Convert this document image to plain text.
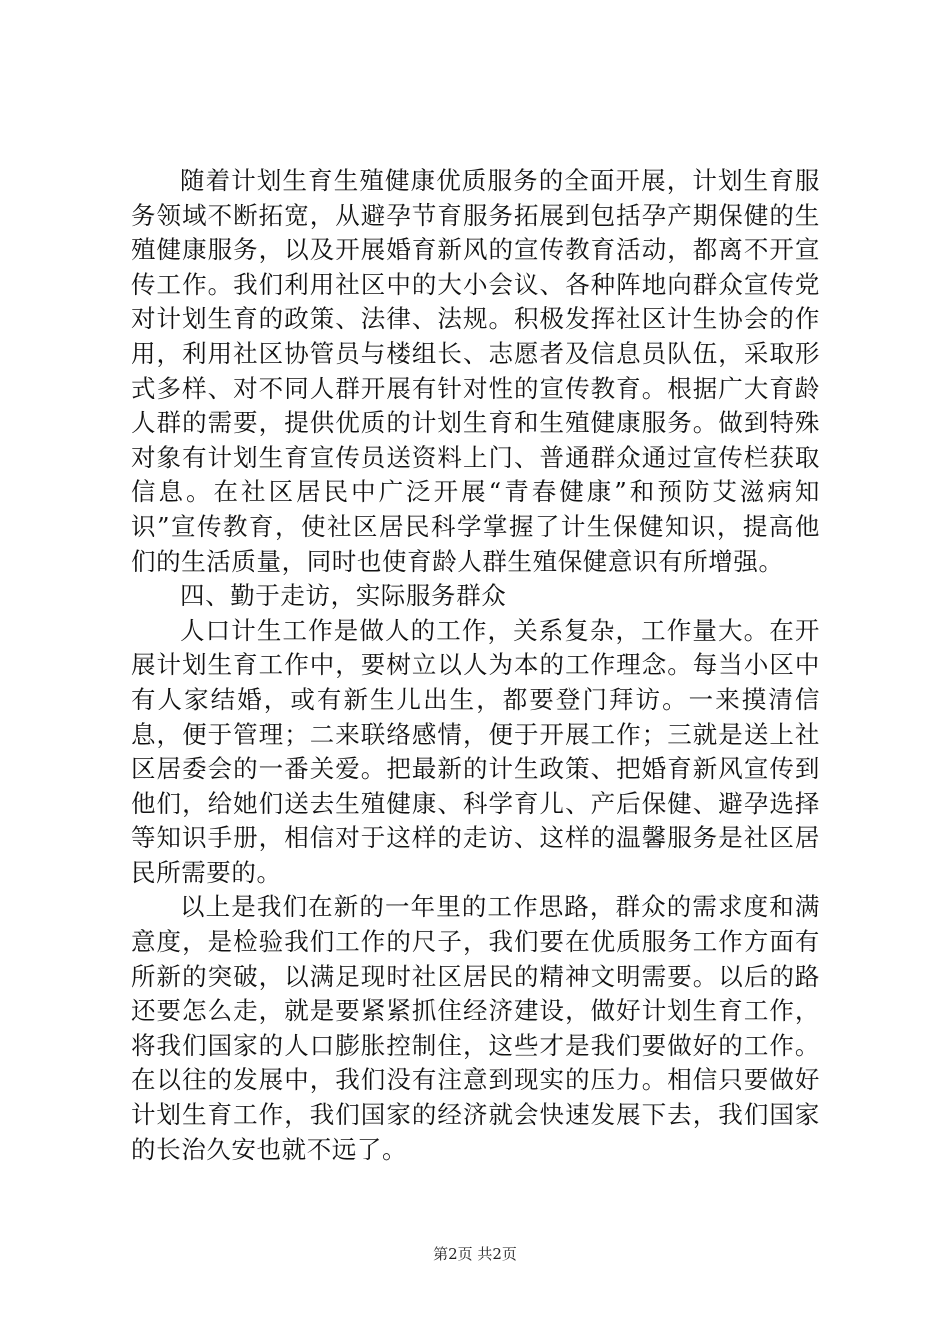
随着计划生育生殖健康优质服务的全面开展，计划生育服务领域不断拓宽，从避孕节育服务拓展到包括孕产期保健的生殖健康服务，以及开展婚育新风的宣传教育活动，都离不开宣传工作。我们利用社区中的大小会议、各种阵地向群众宣传党对计划生育的政策、法律、法规。积极发挥社区计生协会的作用，利用社区协管员与楼组长、志愿者及信息员队伍，采取形式多样、对不同人群开展有针对性的宣传教育。根据广大育龄人群的需要，提供优质的计划生育和生殖健康服务。做到特殊对象有计划生育宣传员送资料上门、普通群众通过宣传栏获取信息。在社区居民中广泛开展“青春健康”和预防艾滋病知识”宣传教育，使社区居民科学掌握了计生保健知识，提高他们的生活质量，同时也使育龄人群生殖保健意识有所增强。

四、勤于走访，实际服务群众

人口计生工作是做人的工作，关系复杂，工作量大。在开展计划生育工作中，要树立以人为本的工作理念。每当小区中有人家结婚，或有新生儿出生，都要登门拜访。一来摸清信息，便于管理；二来联络感情，便于开展工作；三就是送上社区居委会的一番关爱。把最新的计生政策、把婚育新风宣传到他们，给她们送去生殖健康、科学育儿、产后保健、避孕选择等知识手册，相信对于这样的走访、这样的温馨服务是社区居民所需要的。

以上是我们在新的一年里的工作思路，群众的需求度和满意度，是检验我们工作的尺子，我们要在优质服务工作方面有所新的突破，以满足现时社区居民的精神文明需要。以后的路还要怎么走，就是要紧紧抓住经济建设，做好计划生育工作，将我们国家的人口膨胀控制住，这些才是我们要做好的工作。在以往的发展中，我们没有注意到现实的压力。相信只要做好计划生育工作，我们国家的经济就会快速发展下去，我们国家的长治久安也就不远了。

第2页 共2页
